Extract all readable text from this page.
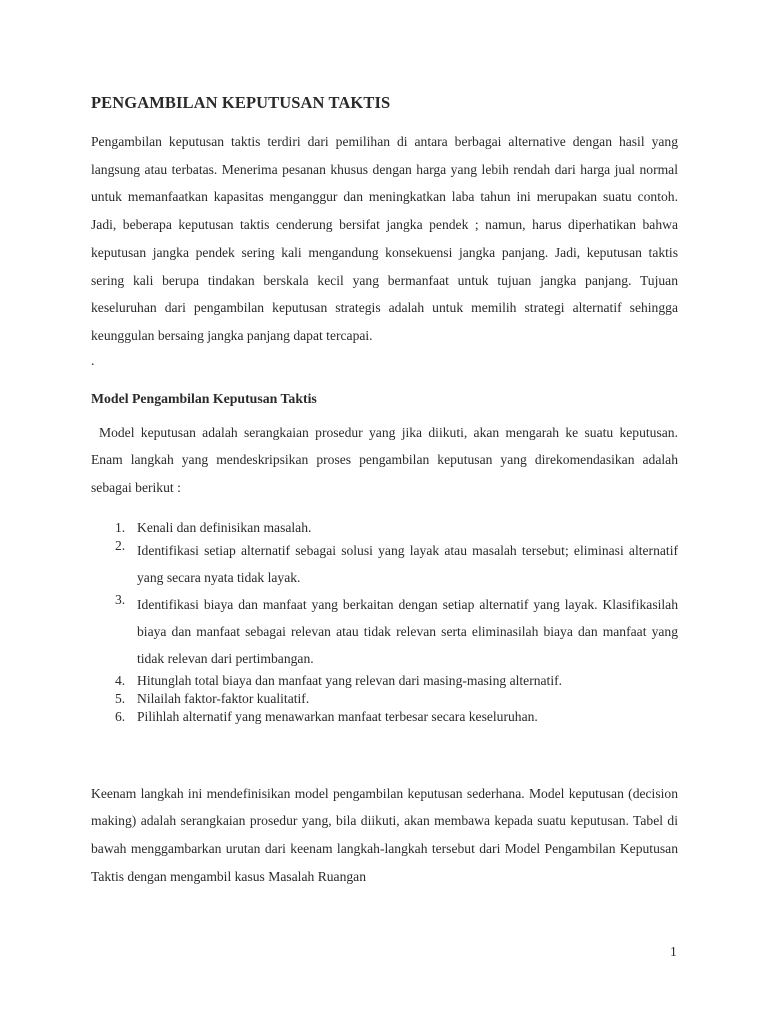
PENGAMBILAN KEPUTUSAN TAKTIS

Pengambilan keputusan taktis terdiri dari pemilihan di antara berbagai alternative dengan hasil yang langsung atau terbatas. Menerima pesanan khusus dengan harga yang lebih rendah dari harga jual normal untuk memanfaatkan kapasitas menganggur dan meningkatkan laba tahun ini merupakan suatu contoh. Jadi, beberapa keputusan taktis cenderung bersifat jangka pendek ; namun, harus diperhatikan bahwa keputusan jangka pendek sering kali mengandung konsekuensi jangka panjang. Jadi, keputusan taktis sering kali berupa tindakan berskala kecil yang bermanfaat untuk tujuan jangka panjang. Tujuan keseluruhan dari pengambilan keputusan strategis adalah untuk memilih strategi alternatif sehingga keunggulan bersaing jangka panjang dapat tercapai.

.
Model Pengambilan Keputusan Taktis

Model keputusan adalah serangkaian prosedur yang jika diikuti, akan mengarah ke suatu keputusan. Enam langkah yang mendeskripsikan proses pengambilan keputusan yang direkomendasikan adalah sebagai berikut :

1. Kenali dan definisikan masalah.
2. Identifikasi setiap alternatif sebagai solusi yang layak atau masalah tersebut; eliminasi alternatif yang secara nyata tidak layak.
3. Identifikasi biaya dan manfaat yang berkaitan dengan setiap alternatif yang layak. Klasifikasilah biaya dan manfaat sebagai relevan atau tidak relevan serta eliminasilah biaya dan manfaat yang tidak relevan dari pertimbangan.
4. Hitunglah total biaya dan manfaat yang relevan dari masing-masing alternatif.
5. Nilailah faktor-faktor kualitatif.
6. Pilihlah alternatif yang menawarkan manfaat terbesar secara keseluruhan.

Keenam langkah ini mendefinisikan model pengambilan keputusan sederhana. Model keputusan (decision making) adalah serangkaian prosedur yang, bila diikuti, akan membawa kepada suatu keputusan. Tabel di bawah menggambarkan urutan dari keenam langkah-langkah tersebut dari Model Pengambilan Keputusan Taktis dengan mengambil kasus Masalah Ruangan

1
